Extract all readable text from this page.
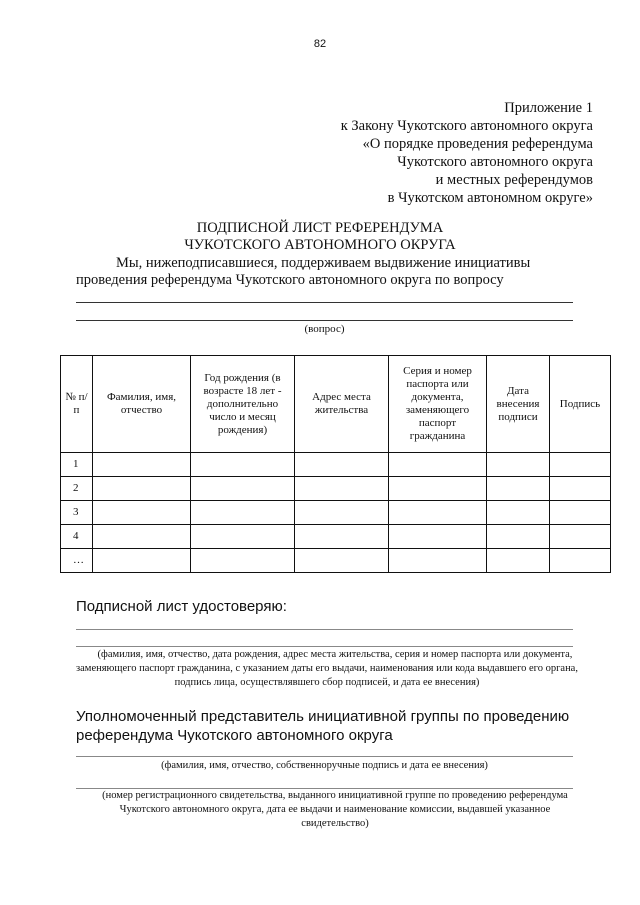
82
Приложение 1
к Закону Чукотского автономного округа
«О порядке проведения референдума
Чукотского автономного округа
и местных референдумов
в Чукотском автономном округе»
ПОДПИСНОЙ ЛИСТ РЕФЕРЕНДУМА
ЧУКОТСКОГО АВТОНОМНОГО ОКРУГА
Мы, нижеподписавшиеся, поддерживаем выдвижение инициативы
проведения референдума Чукотского автономного округа по вопросу
(вопрос)
№ п/п	Фамилия, имя, отчество	Год рождения (в возрасте 18 лет - дополнительно число и месяц рождения)	Адрес места жительства	Серия и номер паспорта или документа, заменяющего паспорт гражданина	Дата внесения подписи	Подпись
1						
2						
3						
4						
…						
Подписной лист удостоверяю:
(фамилия, имя, отчество, дата рождения, адрес места жительства, серия и номер паспорта или документа, заменяющего паспорт гражданина, с указанием даты его выдачи, наименования или кода выдавшего его органа, подпись лица, осуществлявшего сбор подписей, и дата ее внесения)
Уполномоченный представитель инициативной группы по проведению
референдума Чукотского автономного округа
(фамилия, имя, отчество, собственноручные подпись и дата ее внесения)
(номер регистрационного свидетельства, выданного инициативной группе по проведению референдума Чукотского автономного округа, дата ее выдачи и наименование комиссии, выдавшей указанное свидетельство)
